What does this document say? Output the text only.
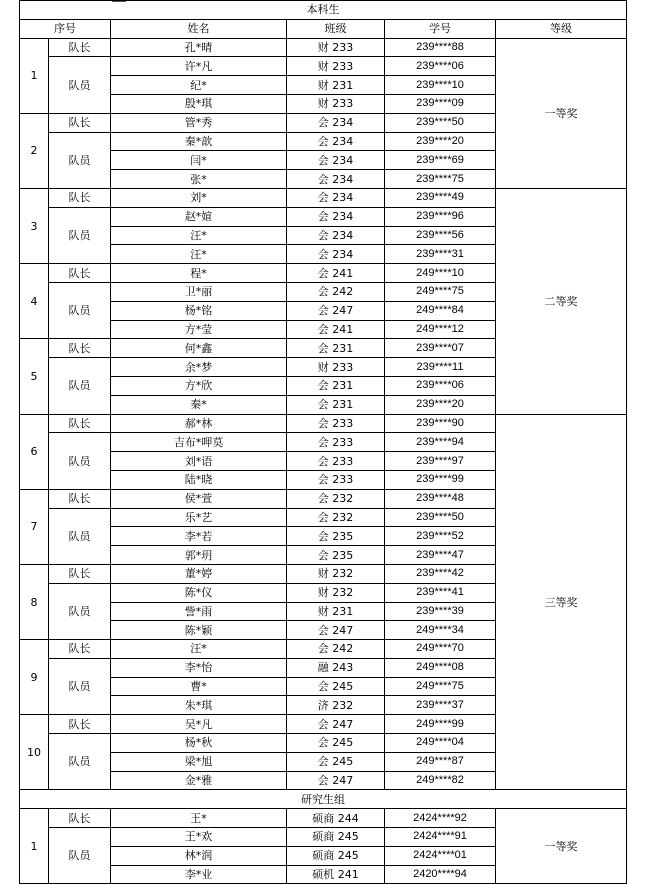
本科生					
序号		姓名	班级	学号	等级
1	队长	孔*晴	财 233	239****88	一等奖
	队员	许*凡	财 233	239****06	
		纪*	财 231	239****10	
		殷*琪	财 233	239****09	
2	队长	管*秀	会 234	239****50	
	队员	秦*歆	会 234	239****20	
		闫*	会 234	239****69	
		张*	会 234	239****75	
3	队长	刘*	会 234	239****49	二等奖
	队员	赵*媗	会 234	239****96	
		汪*	会 234	239****56	
		汪*	会 234	239****31	
4	队长	程*	会 241	249****10	
	队员	卫*丽	会 242	249****75	
		杨*铭	会 247	249****84	
		方*莹	会 241	249****12	
5	队长	何*鑫	会 231	239****07	
	队员	余*梦	财 233	239****11	
		方*欣	会 231	239****06	
		秦*	会 231	239****20	
6	队长	郝*林	会 233	239****90	三等奖
	队员	吉布*呷莫	会 233	239****94	
		刘*语	会 233	239****97	
		陆*晓	会 233	239****99	
7	队长	侯*萱	会 232	239****48	
	队员	乐*艺	会 232	239****50	
		李*若	会 235	239****52	
		郭*玥	会 235	239****47	
8	队长	董*婷	财 232	239****42	
	队员	陈*仪	财 232	239****41	
		訾*雨	财 231	239****39	
		陈*颖	会 247	249****34	
9	队长	汪*	会 242	249****70	
	队员	李*怡	融 243	249****08	
		曹*	会 245	249****75	
		朱*琪	济 232	239****37	
10	队长	吴*凡	会 247	249****99	
	队员	杨*秋	会 245	249****04	
		梁*旭	会 245	249****87	
		金*雅	会 247	249****82	
研究生组					
1	队长	王*	硕商 244	2424****92	一等奖
	队员	王*欢	硕商 245	2424****91	
		林*润	硕商 245	2424****01	
		李*业	硕机 241	2420****94	
